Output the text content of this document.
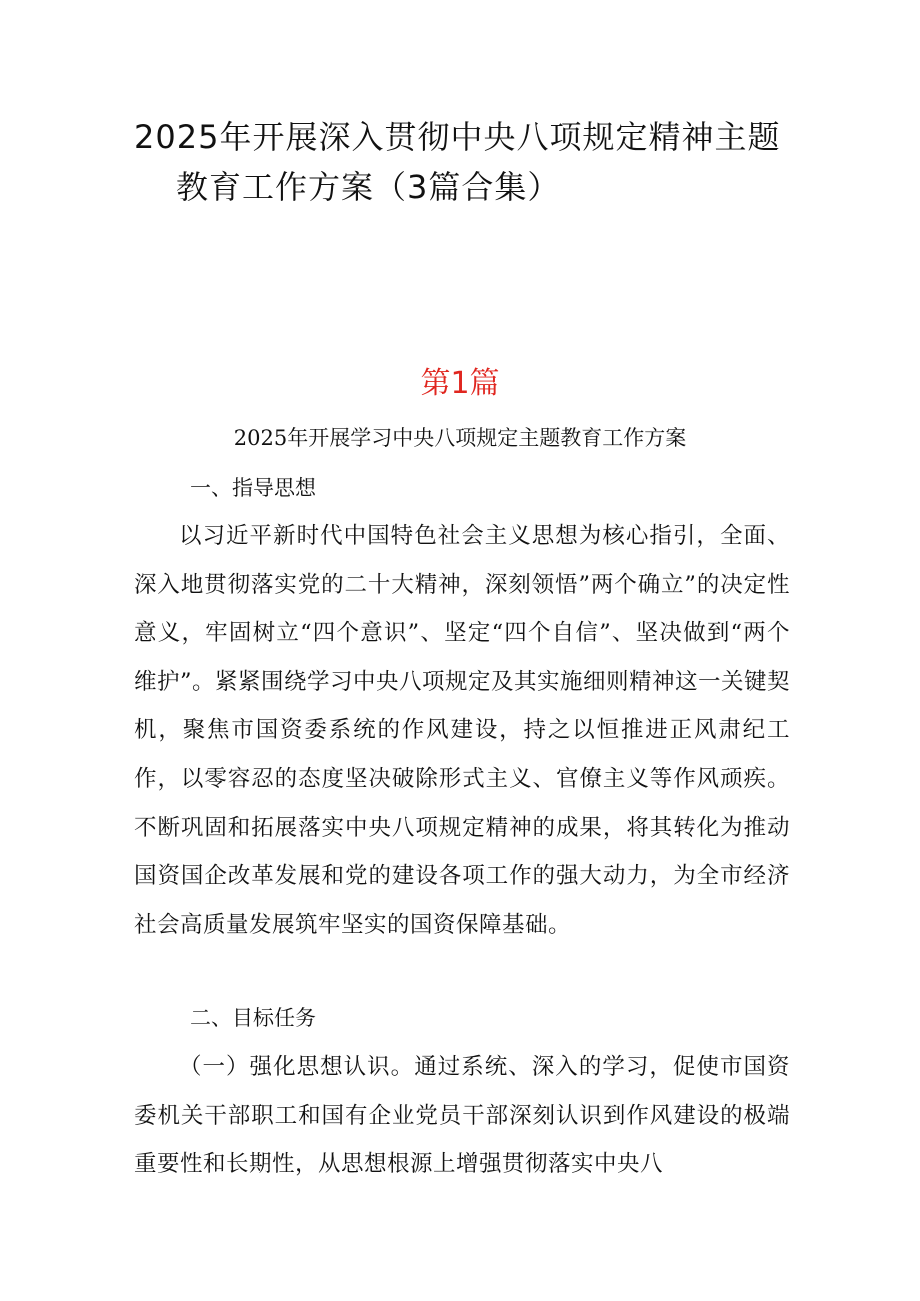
2025年开展深入贯彻中央八项规定精神主题
教育工作方案（3篇合集）
第1篇

2025年开展学习中央八项规定主题教育工作方案

一、指导思想

以习近平新时代中国特色社会主义思想为核心指引，全面、深入地贯彻落实党的二十大精神，深刻领悟”两个确立”的决定性意义，牢固树立“四个意识”、坚定“四个自信”、坚决做到“两个维护”。紧紧围绕学习中央八项规定及其实施细则精神这一关键契机，聚焦市国资委系统的作风建设，持之以恒推进正风肃纪工作，以零容忍的态度坚决破除形式主义、官僚主义等作风顽疾。不断巩固和拓展落实中央八项规定精神的成果，将其转化为推动国资国企改革发展和党的建设各项工作的强大动力，为全市经济社会高质量发展筑牢坚实的国资保障基础。

二、目标任务

（一）强化思想认识。通过系统、深入的学习，促使市国资委机关干部职工和国有企业党员干部深刻认识到作风建设的极端重要性和长期性，从思想根源上增强贯彻落实中央八
